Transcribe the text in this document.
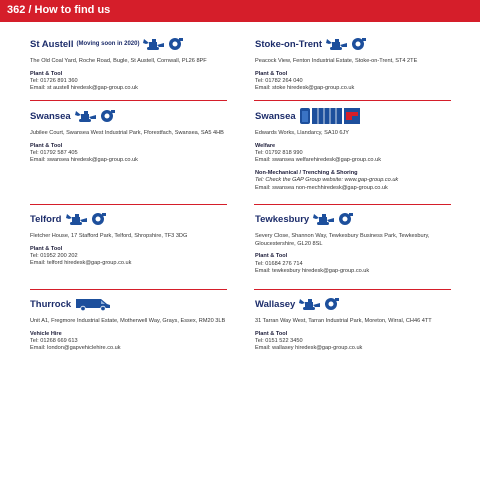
362 / How to find us
St Austell (Moving soon in 2020)
The Old Coal Yard, Roche Road, Bugle, St Austell, Cornwall, PL26 8PF
Plant & Tool
Tel: 01726 891 360
Email: st austell hiredesk@gap-group.co.uk
Stoke-on-Trent
Peacock View, Fenton Industrial Estate, Stoke-on-Trent, ST4 2TE
Plant & Tool
Tel: 01782 264 040
Email: stoke hiredesk@gap-group.co.uk
Swansea
Jubilee Court, Swansea West Industrial Park, Fforestfach, Swansea, SA5 4HB
Plant & Tool
Tel: 01792 587 405
Email: swansea hiredesk@gap-group.co.uk
Swansea
Edwards Works, Llandarcy, SA10 6JY
Welfare
Tel: 01792 818 990
Email: swansea welfarehiredesk@gap-group.co.uk
Non-Mechanical / Trenching & Shoring
Tel: Check the GAP Group website: www.gap-group.co.uk
Email: swansea non-mechhiredesk@gap-group.co.uk
Telford
Fletcher House, 17 Stafford Park, Telford, Shropshire, TF3 3DG
Plant & Tool
Tel: 01952 200 202
Email: telford hiredesk@gap-group.co.uk
Tewkesbury
Severy Close, Shannon Way, Tewkesbury Business Park, Tewkesbury, Gloucestershire, GL20 8SL
Plant & Tool
Tel: 01684 276 714
Email: tewkesbury hiredesk@gap-group.co.uk
Thurrock
Unit A1, Fregmore Industrial Estate, Motherwell Way, Grays, Essex, RM20 3LB
Vehicle Hire
Tel: 01268 669 613
Email: london@gapvehiclehire.co.uk
Wallasey
31 Tarran Way West, Tarran Industrial Park, Moreton, Wirral, CH46 4TT
Plant & Tool
Tel: 0151 522 3450
Email: wallasey hiredesk@gap-group.co.uk
